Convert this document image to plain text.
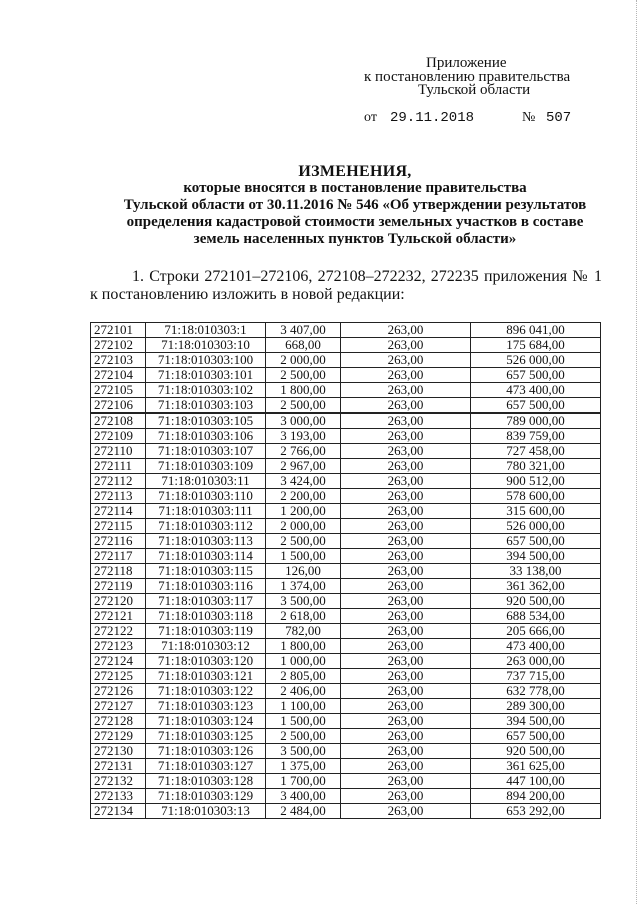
Приложение
к постановлению правительства
Тульской области
от 29.11.2018	№ 507
ИЗМЕНЕНИЯ,
которые вносятся в постановление правительства
Тульской области от 30.11.2016 № 546 «Об утверждении результатов
определения кадастровой стоимости земельных участков в составе
земель населенных пунктов Тульской области»
1. Строки 272101–272106, 272108–272232, 272235 приложения № 1
к постановлению изложить в новой редакции:
272101	71:18:010303:1	3 407,00	263,00	896 041,00
272102	71:18:010303:10	668,00	263,00	175 684,00
272103	71:18:010303:100	2 000,00	263,00	526 000,00
272104	71:18:010303:101	2 500,00	263,00	657 500,00
272105	71:18:010303:102	1 800,00	263,00	473 400,00
272106	71:18:010303:103	2 500,00	263,00	657 500,00
272108	71:18:010303:105	3 000,00	263,00	789 000,00
272109	71:18:010303:106	3 193,00	263,00	839 759,00
272110	71:18:010303:107	2 766,00	263,00	727 458,00
272111	71:18:010303:109	2 967,00	263,00	780 321,00
272112	71:18:010303:11	3 424,00	263,00	900 512,00
272113	71:18:010303:110	2 200,00	263,00	578 600,00
272114	71:18:010303:111	1 200,00	263,00	315 600,00
272115	71:18:010303:112	2 000,00	263,00	526 000,00
272116	71:18:010303:113	2 500,00	263,00	657 500,00
272117	71:18:010303:114	1 500,00	263,00	394 500,00
272118	71:18:010303:115	126,00	263,00	33 138,00
272119	71:18:010303:116	1 374,00	263,00	361 362,00
272120	71:18:010303:117	3 500,00	263,00	920 500,00
272121	71:18:010303:118	2 618,00	263,00	688 534,00
272122	71:18:010303:119	782,00	263,00	205 666,00
272123	71:18:010303:12	1 800,00	263,00	473 400,00
272124	71:18:010303:120	1 000,00	263,00	263 000,00
272125	71:18:010303:121	2 805,00	263,00	737 715,00
272126	71:18:010303:122	2 406,00	263,00	632 778,00
272127	71:18:010303:123	1 100,00	263,00	289 300,00
272128	71:18:010303:124	1 500,00	263,00	394 500,00
272129	71:18:010303:125	2 500,00	263,00	657 500,00
272130	71:18:010303:126	3 500,00	263,00	920 500,00
272131	71:18:010303:127	1 375,00	263,00	361 625,00
272132	71:18:010303:128	1 700,00	263,00	447 100,00
272133	71:18:010303:129	3 400,00	263,00	894 200,00
272134	71:18:010303:13	2 484,00	263,00	653 292,00
